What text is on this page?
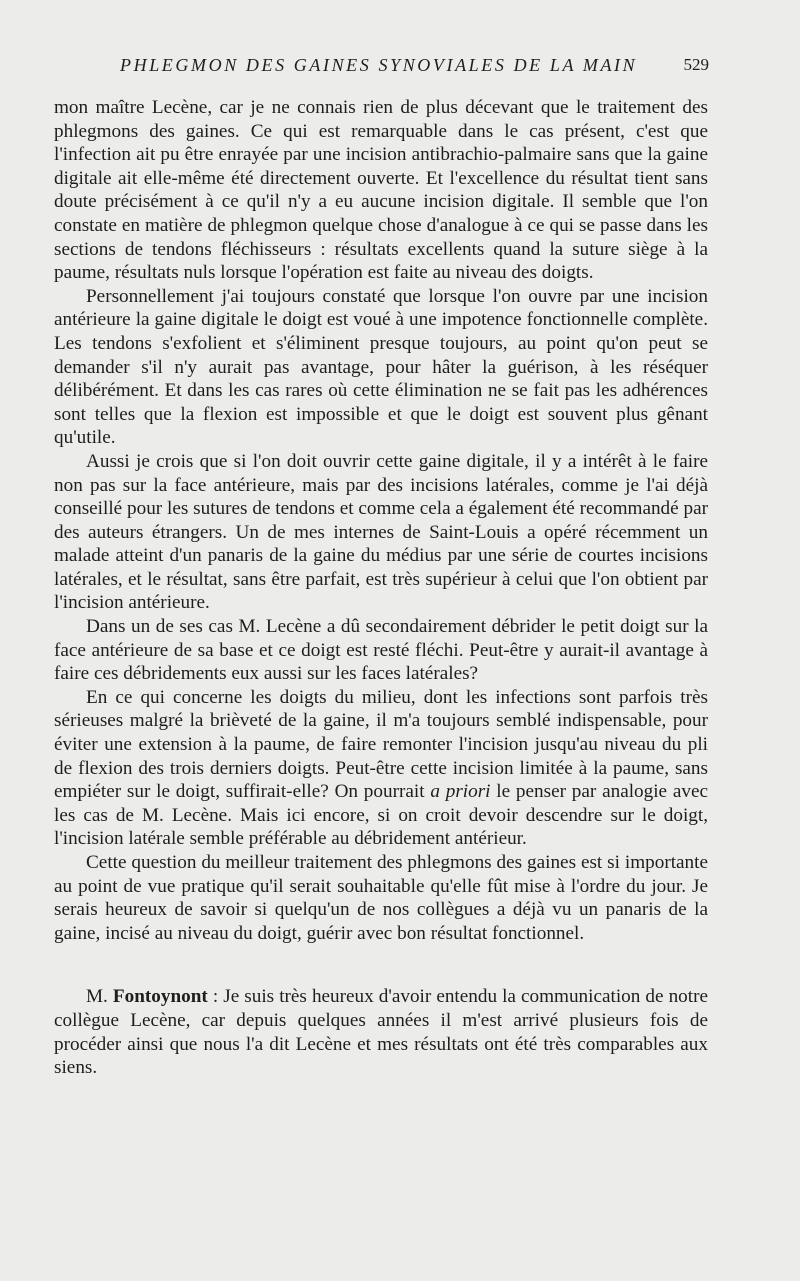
PHLEGMON DES GAINES SYNOVIALES DE LA MAIN	529

mon maître Lecène, car je ne connais rien de plus décevant que le traitement des phlegmons des gaines. Ce qui est remarquable dans le cas présent, c'est que l'infection ait pu être enrayée par une incision antibrachio-palmaire sans que la gaine digitale ait elle-même été directement ouverte. Et l'excellence du résultat tient sans doute précisément à ce qu'il n'y a eu aucune incision digitale. Il semble que l'on constate en matière de phlegmon quelque chose d'analogue à ce qui se passe dans les sections de tendons fléchisseurs : résultats excellents quand la suture siège à la paume, résultats nuls lorsque l'opération est faite au niveau des doigts.

Personnellement j'ai toujours constaté que lorsque l'on ouvre par une incision antérieure la gaine digitale le doigt est voué à une impotence fonctionnelle complète. Les tendons s'exfolient et s'éliminent presque toujours, au point qu'on peut se demander s'il n'y aurait pas avantage, pour hâter la guérison, à les réséquer délibérément. Et dans les cas rares où cette élimination ne se fait pas les adhérences sont telles que la flexion est impossible et que le doigt est souvent plus gênant qu'utile.

Aussi je crois que si l'on doit ouvrir cette gaine digitale, il y a intérêt à le faire non pas sur la face antérieure, mais par des incisions latérales, comme je l'ai déjà conseillé pour les sutures de tendons et comme cela a également été recommandé par des auteurs étrangers. Un de mes internes de Saint-Louis a opéré récemment un malade atteint d'un panaris de la gaine du médius par une série de courtes incisions latérales, et le résultat, sans être parfait, est très supérieur à celui que l'on obtient par l'incision antérieure.

Dans un de ses cas M. Lecène a dû secondairement débrider le petit doigt sur la face antérieure de sa base et ce doigt est resté fléchi. Peut-être y aurait-il avantage à faire ces débridements eux aussi sur les faces latérales?

En ce qui concerne les doigts du milieu, dont les infections sont parfois très sérieuses malgré la brièveté de la gaine, il m'a toujours semblé indispensable, pour éviter une extension à la paume, de faire remonter l'incision jusqu'au niveau du pli de flexion des trois derniers doigts. Peut-être cette incision limitée à la paume, sans empiéter sur le doigt, suffirait-elle? On pourrait a priori le penser par analogie avec les cas de M. Lecène. Mais ici encore, si on croit devoir descendre sur le doigt, l'incision latérale semble préférable au débridement antérieur.

Cette question du meilleur traitement des phlegmons des gaines est si importante au point de vue pratique qu'il serait souhaitable qu'elle fût mise à l'ordre du jour. Je serais heureux de savoir si quelqu'un de nos collègues a déjà vu un panaris de la gaine, incisé au niveau du doigt, guérir avec bon résultat fonctionnel.

M. Fontoynont : Je suis très heureux d'avoir entendu la communication de notre collègue Lecène, car depuis quelques années il m'est arrivé plusieurs fois de procéder ainsi que nous l'a dit Lecène et mes résultats ont été très comparables aux siens.
